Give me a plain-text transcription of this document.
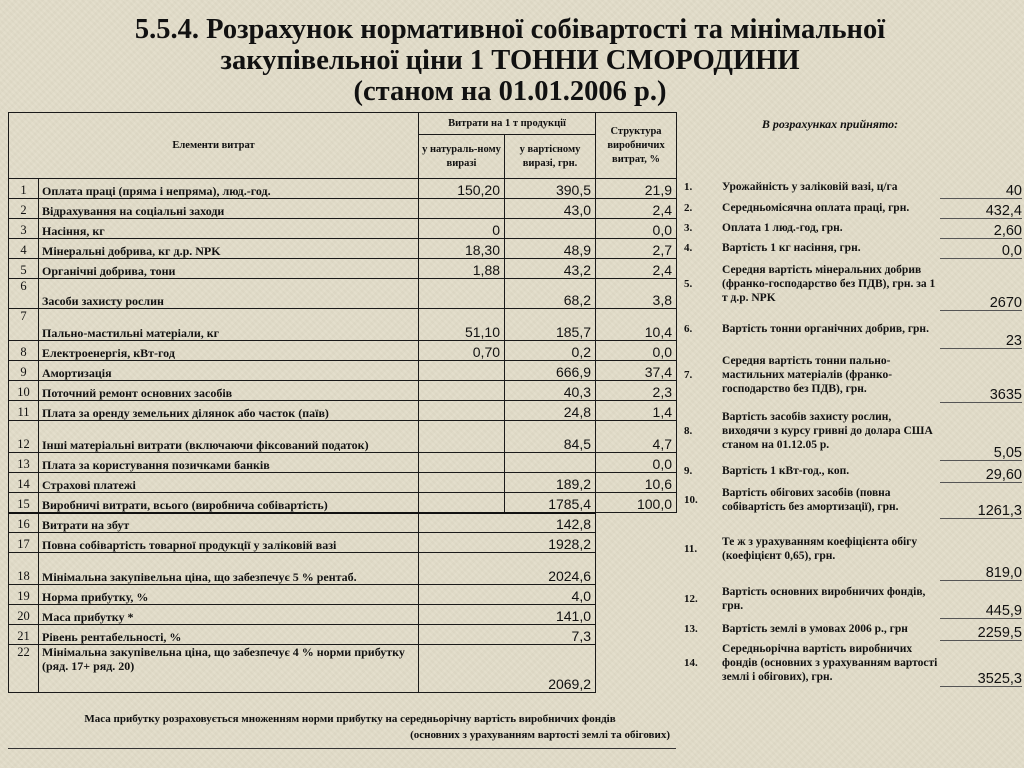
5.5.4. Розрахунок нормативної собівартості та мінімальної
закупівельної ціни 1 ТОННИ СМОРОДИНИ
(станом на 01.01.2006 р.)
Елементи витрат		Витрати на 1 т продукції		Структура виробничих витрат, %
		у натураль-ному виразі	у вартісному виразі, грн.	
1	Оплата праці (пряма і непряма), люд.-год.	150,20	390,5	21,9
2	Відрахування на соціальні заходи		43,0	2,4
3	Насіння, кг	0		0,0
4	Мінеральні добрива, кг д.р. NPK	18,30	48,9	2,7
5	Органічні добрива, тони	1,88	43,2	2,4
6	Засоби захисту рослин		68,2	3,8
7	Пально-мастильні матеріали, кг	51,10	185,7	10,4
8	Електроенергія, кВт-год	0,70	0,2	0,0
9	Амортизація		666,9	37,4
10	Поточний ремонт основних засобів		40,3	2,3
11	Плата за оренду земельних ділянок або часток (паїв)		24,8	1,4
12	Інші матеріальні витрати (включаючи фіксований податок)		84,5	4,7
13	Плата за користування позичками банків			0,0
14	Страхові платежі		189,2	10,6
15	Виробничі витрати, всього (виробнича собівартість)		1785,4	100,0
16	Витрати на збут	142,8		
17	Повна собівартість товарної продукції у заліковій вазі	1928,2		
18	Мінімальна закупівельна ціна, що забезпечує 5 % рентаб.	2024,6		
19	Норма прибутку, %	4,0		
20	Маса прибутку *	141,0		
21	Рівень рентабельності, %	7,3		
22	Мінімальна закупівельна ціна, що забезпечує 4 % норми прибутку (ряд. 17+ ряд. 20)	2069,2		
Маса прибутку розраховується множенням норми прибутку на середньорічну вартість виробничих фондів
(основних з урахуванням вартості землі та обігових)
В розрахунках прийнято:
1.	Урожайність у заліковій вазі, ц/га	40
2.	Середньомісячна оплата праці, грн.	432,4
3.	Оплата 1 люд.-год, грн.	2,60
4.	Вартість 1 кг насіння, грн.	0,0
5.	Середня вартість мінеральних добрив (франко-господарство без ПДВ), грн. за 1 т д.р. NPK	2670
6.	Вартість тонни органічних добрив, грн.	23
7.	Середня вартість тонни пально-мастильних матеріалів (франко-господарство без ПДВ), грн.	3635
8.	Вартість засобів захисту рослин, виходячи з курсу гривні до долара США станом на 01.12.05 р.	5,05
9.	Вартість 1 кВт-год., коп.	29,60
10.	Вартість обігових засобів (повна собівартість без амортизації), грн.	1261,3
11.	Те ж з урахуванням коефіцієнта обігу (коефіцієнт 0,65), грн.	819,0
12.	Вартість основних виробничих фондів, грн.	445,9
13.	Вартість землі в умовах 2006 р., грн	2259,5
14.	Середньорічна вартість виробничих фондів (основних з урахуванням вартості землі і обігових), грн.	3525,3
